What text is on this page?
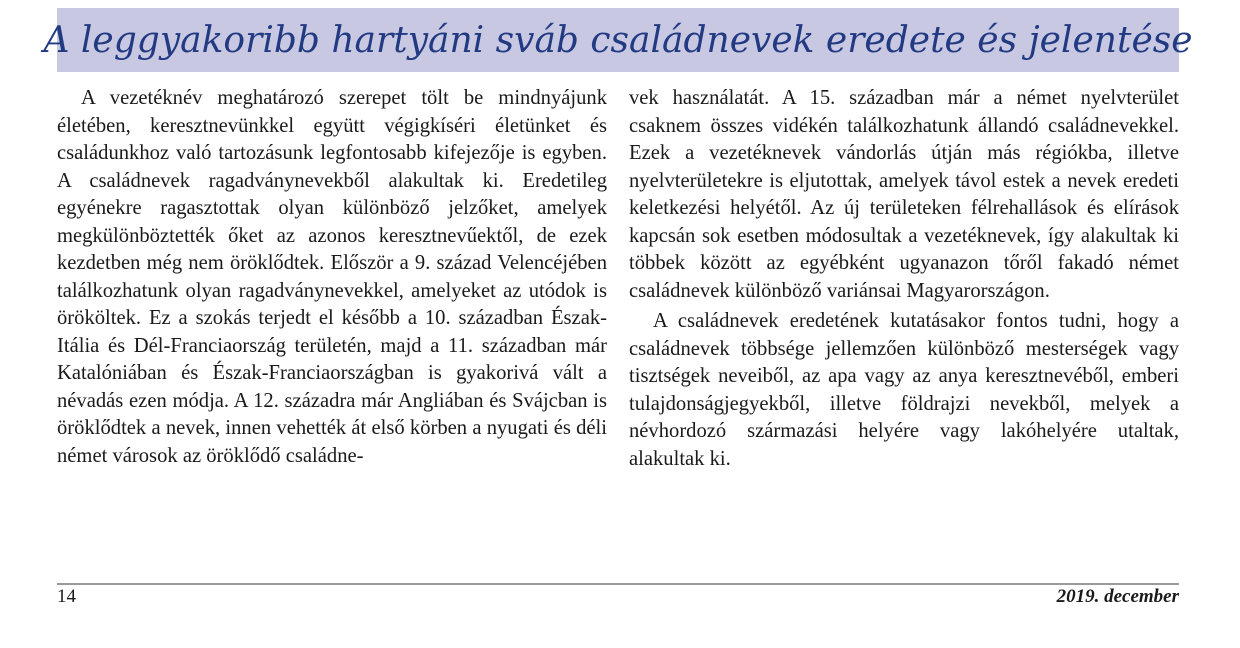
A leggyakoribb hartyáni sváb családnevek eredete és jelentése

A vezetéknév meghatározó szerepet tölt be mindnyájunk életében, keresztnevünkkel együtt végigkíséri életünket és családunkhoz való tartozásunk legfontosabb kifejezője is egyben. A családnevek ragadványnevekből alakultak ki. Eredetileg egyénekre ragasztottak olyan különböző jelzőket, amelyek megkülönböztették őket az azonos keresztnevűektől, de ezek kezdetben még nem öröklődtek. Először a 9. század Velencéjében találkozhatunk olyan ragadványnevekkel, amelyeket az utódok is örököltek. Ez a szokás terjedt el később a 10. században Észak-Itália és Dél-Franciaország területén, majd a 11. században már Katalóniában és Észak-Franciaországban is gyakorivá vált a névadás ezen módja. A 12. századra már Angliában és Svájcban is öröklődtek a nevek, innen vehették át első körben a nyugati és déli német városok az öröklődő családne-

vek használatát. A 15. században már a német nyelvterület csaknem összes vidékén találkozhatunk állandó családnevekkel. Ezek a vezetéknevek vándorlás útján más régiókba, illetve nyelvterületekre is eljutottak, amelyek távol estek a nevek eredeti keletkezési helyétől. Az új területeken félrehallások és elírások kapcsán sok esetben módosultak a vezetéknevek, így alakultak ki többek között az egyébként ugyanazon tőről fakadó német családnevek különböző variánsai Magyarországon.

A családnevek eredetének kutatásakor fontos tudni, hogy a családnevek többsége jellemzően különböző mesterségek vagy tisztségek neveiből, az apa vagy az anya keresztnevéből, emberi tulajdonságjegyekből, illetve földrajzi nevekből, melyek a névhordozó származási helyére vagy lakóhelyére utaltak, alakultak ki.

14	2019. december
